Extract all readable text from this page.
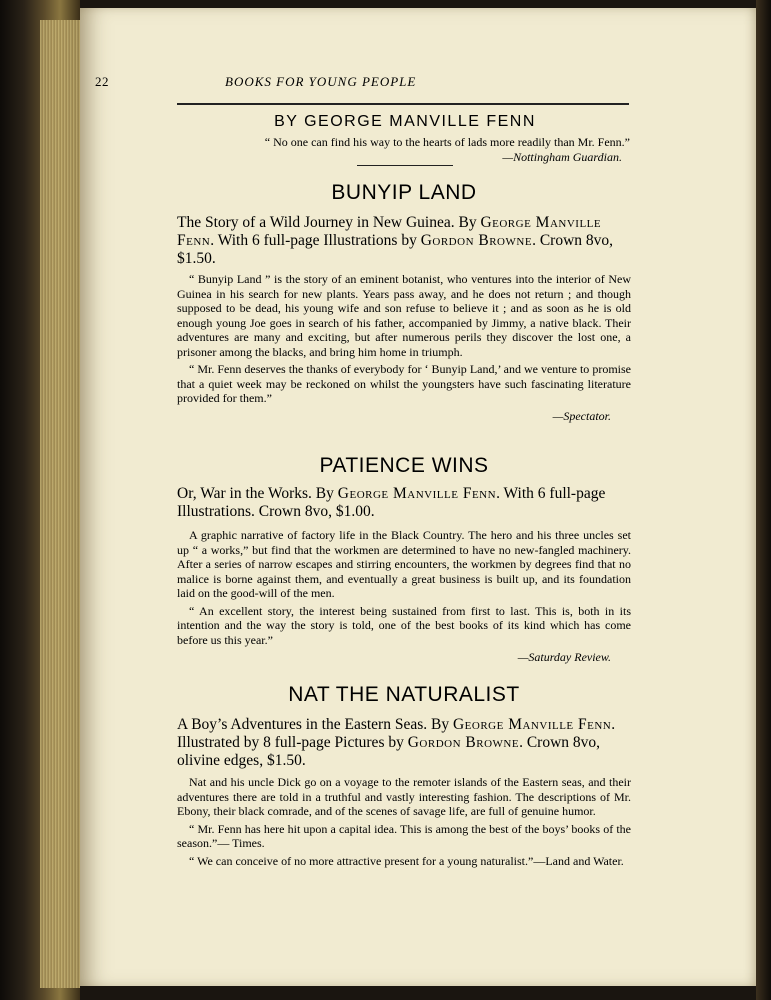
22	BOOKS FOR YOUNG PEOPLE
BY GEORGE MANVILLE FENN
“ No one can find his way to the hearts of lads more readily than Mr. Fenn.”
—Nottingham Guardian.
BUNYIP LAND
The Story of a Wild Journey in New Guinea. By George Manville Fenn. With 6 full-page Illustrations by Gordon Browne. Crown 8vo, $1.50.

“ Bunyip Land ” is the story of an eminent botanist, who ventures into the interior of New Guinea in his search for new plants. Years pass away, and he does not return ; and though supposed to be dead, his young wife and son refuse to believe it ; and as soon as he is old enough young Joe goes in search of his father, accompanied by Jimmy, a native black. Their adventures are many and exciting, but after numerous perils they discover the lost one, a prisoner among the blacks, and bring him home in triumph.

“ Mr. Fenn deserves the thanks of everybody for ‘ Bunyip Land,’ and we venture to promise that a quiet week may be reckoned on whilst the youngsters have such fascinating literature provided for them.”

—Spectator.

PATIENCE WINS
Or, War in the Works. By George Manville Fenn. With 6 full-page Illustrations. Crown 8vo, $1.00.

A graphic narrative of factory life in the Black Country. The hero and his three uncles set up “ a works,” but find that the workmen are determined to have no new-fangled machinery. After a series of narrow escapes and stirring encounters, the workmen by degrees find that no malice is borne against them, and eventually a great business is built up, and its foundation laid on the good-will of the men.

“ An excellent story, the interest being sustained from first to last. This is, both in its intention and the way the story is told, one of the best books of its kind which has come before us this year.”

—Saturday Review.

NAT THE NATURALIST
A Boy’s Adventures in the Eastern Seas. By George Manville Fenn. Illustrated by 8 full-page Pictures by Gordon Browne. Crown 8vo, olivine edges, $1.50.

Nat and his uncle Dick go on a voyage to the remoter islands of the Eastern seas, and their adventures there are told in a truthful and vastly interesting fashion. The descriptions of Mr. Ebony, their black comrade, and of the scenes of savage life, are full of genuine humor.

“ Mr. Fenn has here hit upon a capital idea. This is among the best of the boys’ books of the season.”— Times.

“ We can conceive of no more attractive present for a young naturalist.”—Land and Water.
